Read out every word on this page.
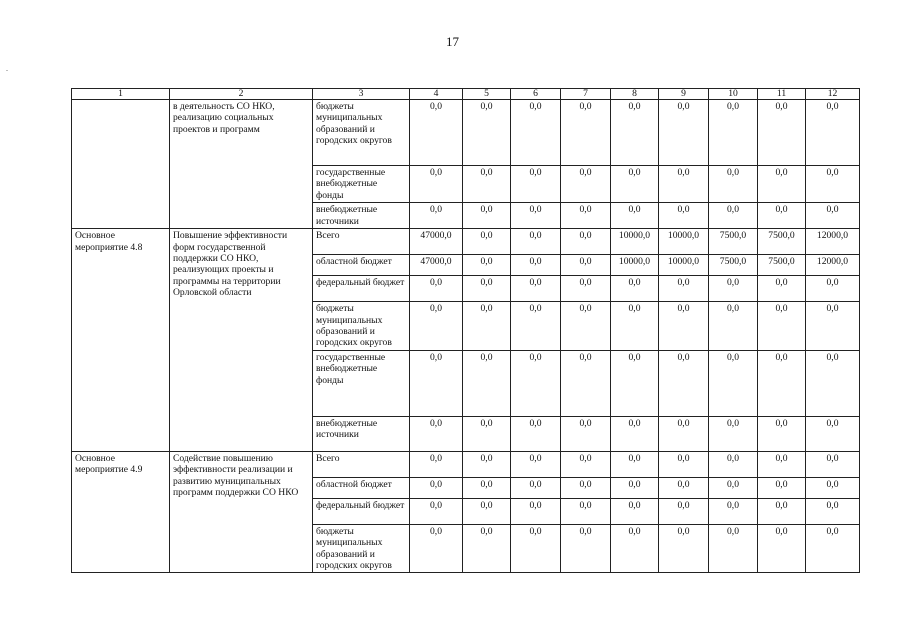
17
.
1	2	3	4	5	6	7	8	9	10	11	12
	в деятельность СО НКО, реализацию социальных проектов и программ	бюджеты муниципальных образований и городских округов	0,0	0,0	0,0	0,0	0,0	0,0	0,0	0,0	0,0
		государственные внебюджетные фонды	0,0	0,0	0,0	0,0	0,0	0,0	0,0	0,0	0,0
		внебюджетные источники	0,0	0,0	0,0	0,0	0,0	0,0	0,0	0,0	0,0
Основное мероприятие 4.8	Повышение эффективности форм государственной поддержки СО НКО, реализующих проекты и программы на территории Орловской области	Всего	47000,0	0,0	0,0	0,0	10000,0	10000,0	7500,0	7500,0	12000,0
		областной бюджет	47000,0	0,0	0,0	0,0	10000,0	10000,0	7500,0	7500,0	12000,0
		федеральный бюджет	0,0	0,0	0,0	0,0	0,0	0,0	0,0	0,0	0,0
		бюджеты муниципальных образований и городских округов	0,0	0,0	0,0	0,0	0,0	0,0	0,0	0,0	0,0
		государственные внебюджетные фонды	0,0	0,0	0,0	0,0	0,0	0,0	0,0	0,0	0,0
		внебюджетные источники	0,0	0,0	0,0	0,0	0,0	0,0	0,0	0,0	0,0
Основное мероприятие 4.9	Содействие повышению эффективности реализации и развитию муниципальных программ поддержки СО НКО	Всего	0,0	0,0	0,0	0,0	0,0	0,0	0,0	0,0	0,0
		областной бюджет	0,0	0,0	0,0	0,0	0,0	0,0	0,0	0,0	0,0
		федеральный бюджет	0,0	0,0	0,0	0,0	0,0	0,0	0,0	0,0	0,0
		бюджеты муниципальных образований и городских округов	0,0	0,0	0,0	0,0	0,0	0,0	0,0	0,0	0,0
